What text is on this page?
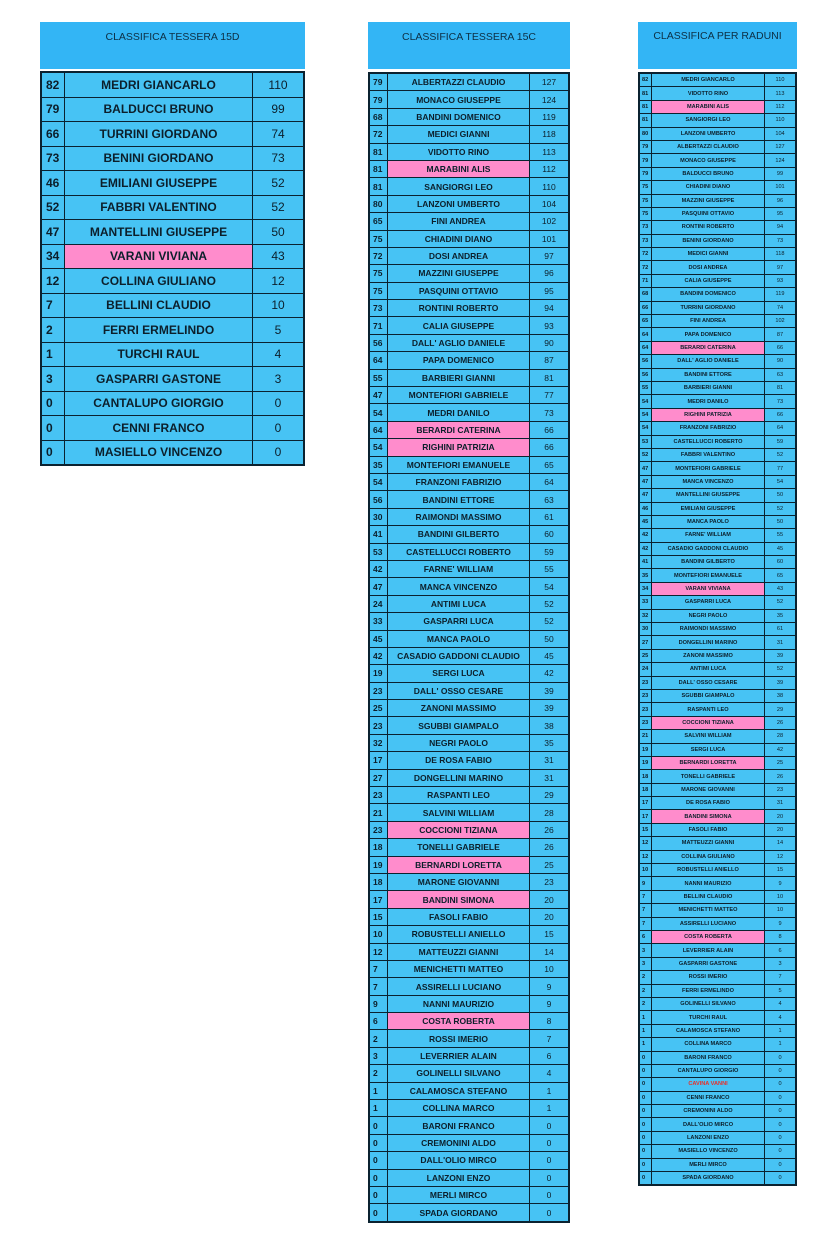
CLASSIFICA TESSERA 15D
82	MEDRI GIANCARLO	110
79	BALDUCCI BRUNO	99
66	TURRINI GIORDANO	74
73	BENINI GIORDANO	73
46	EMILIANI GIUSEPPE	52
52	FABBRI VALENTINO	52
47	MANTELLINI GIUSEPPE	50
34	VARANI VIVIANA	43
12	COLLINA GIULIANO	12
7	BELLINI CLAUDIO	10
2	FERRI ERMELINDO	5
1	TURCHI RAUL	4
3	GASPARRI GASTONE	3
0	CANTALUPO GIORGIO	0
0	CENNI FRANCO	0
0	MASIELLO VINCENZO	0
CLASSIFICA TESSERA 15C
79	ALBERTAZZI CLAUDIO	127
79	MONACO GIUSEPPE	124
68	BANDINI DOMENICO	119
72	MEDICI GIANNI	118
81	VIDOTTO RINO	113
81	MARABINI ALIS	112
81	SANGIORGI LEO	110
80	LANZONI UMBERTO	104
65	FINI ANDREA	102
75	CHIADINI DIANO	101
72	DOSI ANDREA	97
75	MAZZINI GIUSEPPE	96
75	PASQUINI OTTAVIO	95
73	RONTINI ROBERTO	94
71	CALIA GIUSEPPE	93
56	DALL' AGLIO DANIELE	90
64	PAPA DOMENICO	87
55	BARBIERI GIANNI	81
47	MONTEFIORI GABRIELE	77
54	MEDRI DANILO	73
64	BERARDI CATERINA	66
54	RIGHINI PATRIZIA	66
35	MONTEFIORI EMANUELE	65
54	FRANZONI FABRIZIO	64
56	BANDINI ETTORE	63
30	RAIMONDI MASSIMO	61
41	BANDINI GILBERTO	60
53	CASTELLUCCI ROBERTO	59
42	FARNE' WILLIAM	55
47	MANCA VINCENZO	54
24	ANTIMI LUCA	52
33	GASPARRI LUCA	52
45	MANCA PAOLO	50
42	CASADIO GADDONI CLAUDIO	45
19	SERGI LUCA	42
23	DALL' OSSO CESARE	39
25	ZANONI MASSIMO	39
23	SGUBBI GIAMPALO	38
32	NEGRI PAOLO	35
17	DE ROSA FABIO	31
27	DONGELLINI MARINO	31
23	RASPANTI LEO	29
21	SALVINI WILLIAM	28
23	COCCIONI TIZIANA	26
18	TONELLI GABRIELE	26
19	BERNARDI LORETTA	25
18	MARONE GIOVANNI	23
17	BANDINI SIMONA	20
15	FASOLI FABIO	20
10	ROBUSTELLI ANIELLO	15
12	MATTEUZZI GIANNI	14
7	MENICHETTI MATTEO	10
7	ASSIRELLI LUCIANO	9
9	NANNI MAURIZIO	9
6	COSTA ROBERTA	8
2	ROSSI IMERIO	7
3	LEVERRIER ALAIN	6
2	GOLINELLI SILVANO	4
1	CALAMOSCA STEFANO	1
1	COLLINA MARCO	1
0	BARONI FRANCO	0
0	CREMONINI ALDO	0
0	DALL'OLIO MIRCO	0
0	LANZONI ENZO	0
0	MERLI MIRCO	0
0	SPADA GIORDANO	0
CLASSIFICA PER RADUNI
82	MEDRI GIANCARLO	110
81	VIDOTTO RINO	113
81	MARABINI ALIS	112
81	SANGIORGI LEO	110
80	LANZONI UMBERTO	104
79	ALBERTAZZI CLAUDIO	127
79	MONACO GIUSEPPE	124
79	BALDUCCI BRUNO	99
75	CHIADINI DIANO	101
75	MAZZINI GIUSEPPE	96
75	PASQUINI OTTAVIO	95
73	RONTINI ROBERTO	94
73	BENINI GIORDANO	73
72	MEDICI GIANNI	118
72	DOSI ANDREA	97
71	CALIA GIUSEPPE	93
68	BANDINI DOMENICO	119
66	TURRINI GIORDANO	74
65	FINI ANDREA	102
64	PAPA DOMENICO	87
64	BERARDI CATERINA	66
56	DALL' AGLIO DANIELE	90
56	BANDINI ETTORE	63
55	BARBIERI GIANNI	81
54	MEDRI DANILO	73
54	RIGHINI PATRIZIA	66
54	FRANZONI FABRIZIO	64
53	CASTELLUCCI ROBERTO	59
52	FABBRI VALENTINO	52
47	MONTEFIORI GABRIELE	77
47	MANCA VINCENZO	54
47	MANTELLINI GIUSEPPE	50
46	EMILIANI GIUSEPPE	52
45	MANCA PAOLO	50
42	FARNE' WILLIAM	55
42	CASADIO GADDONI CLAUDIO	45
41	BANDINI GILBERTO	60
35	MONTEFIORI EMANUELE	65
34	VARANI VIVIANA	43
33	GASPARRI LUCA	52
32	NEGRI PAOLO	35
30	RAIMONDI MASSIMO	61
27	DONGELLINI MARINO	31
25	ZANONI MASSIMO	39
24	ANTIMI LUCA	52
23	DALL' OSSO CESARE	39
23	SGUBBI GIAMPALO	38
23	RASPANTI LEO	29
23	COCCIONI TIZIANA	26
21	SALVINI WILLIAM	28
19	SERGI LUCA	42
19	BERNARDI LORETTA	25
18	TONELLI GABRIELE	26
18	MARONE GIOVANNI	23
17	DE ROSA FABIO	31
17	BANDINI SIMONA	20
15	FASOLI FABIO	20
12	MATTEUZZI GIANNI	14
12	COLLINA GIULIANO	12
10	ROBUSTELLI ANIELLO	15
9	NANNI MAURIZIO	9
7	BELLINI CLAUDIO	10
7	MENICHETTI MATTEO	10
7	ASSIRELLI LUCIANO	9
6	COSTA ROBERTA	8
3	LEVERRIER ALAIN	6
3	GASPARRI GASTONE	3
2	ROSSI IMERIO	7
2	FERRI ERMELINDO	5
2	GOLINELLI SILVANO	4
1	TURCHI RAUL	4
1	CALAMOSCA STEFANO	1
1	COLLINA MARCO	1
0	BARONI FRANCO	0
0	CANTALUPO GIORGIO	0
0	CAVINA VANNI	0
0	CENNI FRANCO	0
0	CREMONINI ALDO	0
0	DALL'OLIO MIRCO	0
0	LANZONI ENZO	0
0	MASIELLO VINCENZO	0
0	MERLI MIRCO	0
0	SPADA GIORDANO	0
